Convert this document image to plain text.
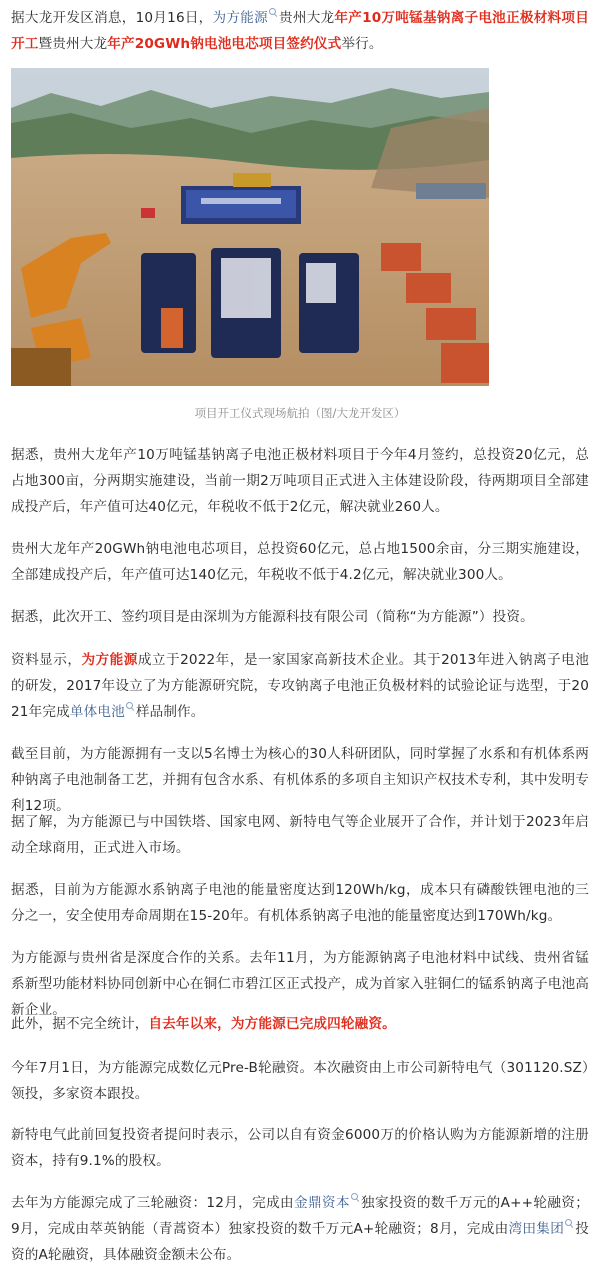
据大龙开发区消息，10月16日，为方能源 贵州大龙年产10万吨锰基钠离子电池正极材料项目开工暨贵州大龙年产20GWh钠电池电芯项目签约仪式举行。

据悉，贵州大龙年产10万吨锰基钠离子电池正极材料项目于今年4月签约，总投资20亿元，总占地300亩，分两期实施建设，当前一期2万吨项目正式进入主体建设阶段，待两期项目全部建成投产后，年产值可达40亿元，年税收不低于2亿元，解决就业260人。

贵州大龙年产20GWh钠电池电芯项目，总投资60亿元，总占地1500余亩，分三期实施建设，全部建成投产后，年产值可达140亿元，年税收不低于4.2亿元，解决就业300人。

据悉，此次开工、签约项目是由深圳为方能源科技有限公司（简称“为方能源”）投资。

资料显示，为方能源成立于2022年，是一家国家高新技术企业。其于2013年进入钠离子电池的研发，2017年设立了为方能源研究院，专攻钠离子电池正负极材料的试验论证与选型，于2021年完成单体电池 样品制作。

截至目前，为方能源拥有一支以5名博士为核心的30人科研团队，同时掌握了水系和有机体系两种钠离子电池制备工艺，并拥有包含水系、有机体系的多项自主知识产权技术专利，其中发明专利12项。

据了解，为方能源已与中国铁塔、国家电网、新特电气等企业展开了合作，并计划于2023年启动全球商用，正式进入市场。

据悉，目前为方能源水系钠离子电池的能量密度达到120Wh/kg，成本只有磷酸铁锂电池的三分之一，安全使用寿命周期在15-20年。有机体系钠离子电池的能量密度达到170Wh/kg。

为方能源与贵州省是深度合作的关系。去年11月，为方能源钠离子电池材料中试线、贵州省锰系新型功能材料协同创新中心在铜仁市碧江区正式投产，成为首家入驻铜仁的锰系钠离子电池高新企业。

此外，据不完全统计，自去年以来，为方能源已完成四轮融资。

今年7月1日，为方能源完成数亿元Pre-B轮融资。本次融资由上市公司新特电气（301120.SZ）领投，多家资本跟投。

新特电气此前回复投资者提问时表示，公司以自有资金6000万的价格认购为方能源新增的注册资本，持有9.1%的股权。

去年为方能源完成了三轮融资：12月，完成由金鼎资本 独家投资的数千万元的A++轮融资；9月，完成由萃英钠能（青蒿资本）独家投资的数千万元A+轮融资；8月，完成由湾田集团 投资的A轮融资，具体融资金额未公布。

项目开工仪式现场航拍（图/大龙开发区）
